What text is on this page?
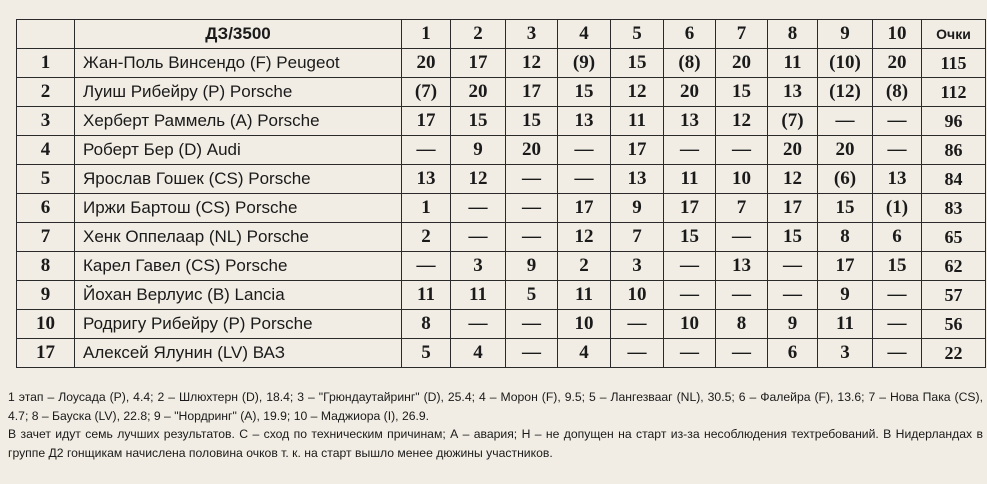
	ДЗ/3500	1	2	3	4	5	6	7	8	9	10	Очки
1	Жан-Поль Винсендо (F) Peugeot	20	17	12	(9)	15	(8)	20	11	(10)	20	115
2	Луиш Рибейру (P) Porsche	(7)	20	17	15	12	20	15	13	(12)	(8)	112
3	Херберт Раммель (A) Porsche	17	15	15	13	11	13	12	(7)	—	—	96
4	Роберт Бер (D) Audi	—	9	20	—	17	—	—	20	20	—	86
5	Ярослав Гошек (CS) Porsche	13	12	—	—	13	11	10	12	(6)	13	84
6	Иржи Бартош (CS) Porsche	1	—	—	17	9	17	7	17	15	(1)	83
7	Хенк Оппелаар (NL) Porsche	2	—	—	12	7	15	—	15	8	6	65
8	Карел Гавел (CS) Porsche	—	3	9	2	3	—	13	—	17	15	62
9	Йохан Верлуис (B) Lancia	11	11	5	11	10	—	—	—	9	—	57
10	Родригу Рибейру (P) Porsche	8	—	—	10	—	10	8	9	11	—	56
17	Алексей Ялунин (LV) ВАЗ	5	4	—	4	—	—	—	6	3	—	22

1 этап – Лоусада (P), 4.4; 2 – Шлюхтерн (D), 18.4; 3 – "Грюндаутайринг" (D), 25.4; 4 – Морон (F), 9.5; 5 – Лангезвааг (NL), 30.5; 6 – Фалейра (F), 13.6; 7 – Нова Пака (CS), 4.7; 8 – Бауска (LV), 22.8; 9 – "Нордринг" (A), 19.9; 10 – Маджиора (I), 26.9.

В зачет идут семь лучших результатов. С – сход по техническим причинам; А – авария; Н – не допущен на старт из-за несоблюдения техтребований. В Нидерландах в группе Д2 гонщикам начислена половина очков т. к. на старт вышло менее дюжины участников.
